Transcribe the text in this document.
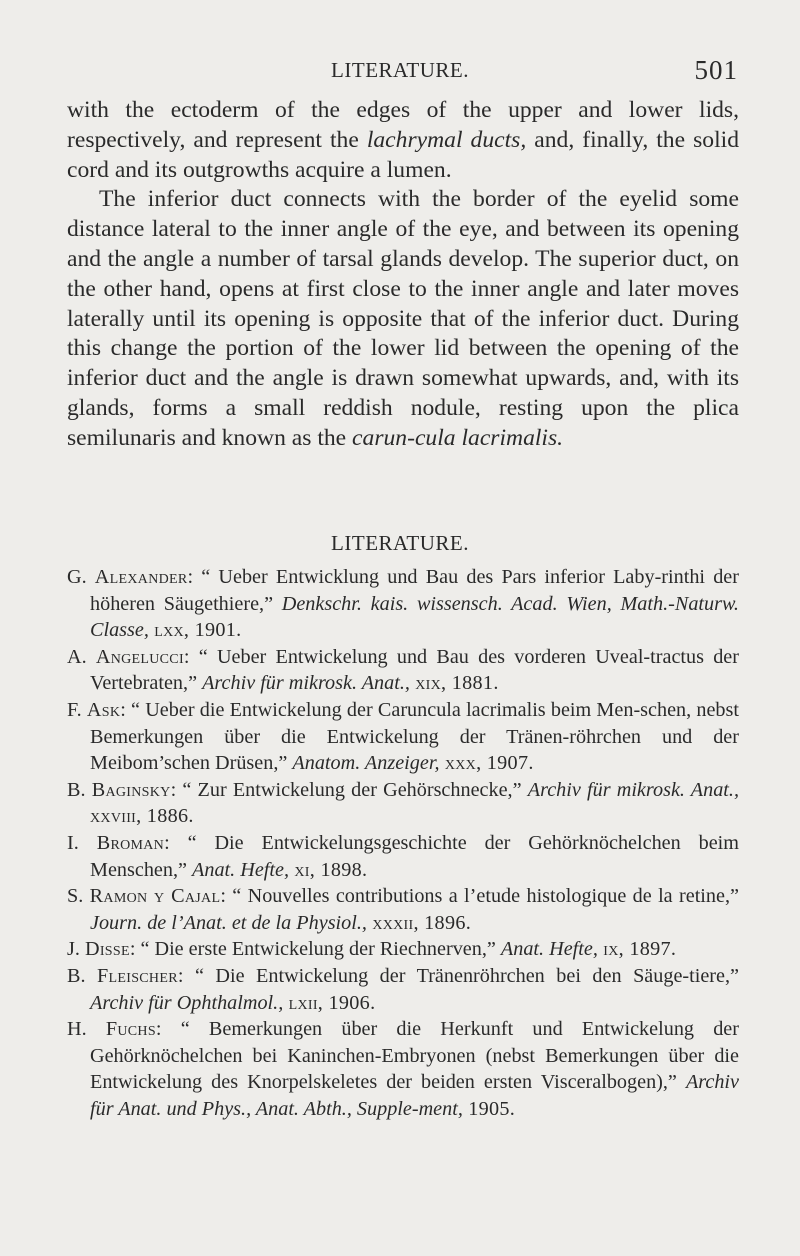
LITERATURE.	501

with the ectoderm of the edges of the upper and lower lids, respectively, and represent the lachrymal ducts, and, finally, the solid cord and its outgrowths acquire a lumen.

The inferior duct connects with the border of the eyelid some distance lateral to the inner angle of the eye, and between its opening and the angle a number of tarsal glands develop. The superior duct, on the other hand, opens at first close to the inner angle and later moves laterally until its opening is opposite that of the inferior duct. During this change the portion of the lower lid between the opening of the inferior duct and the angle is drawn somewhat upwards, and, with its glands, forms a small reddish nodule, resting upon the plica semilunaris and known as the carun-cula lacrimalis.

LITERATURE.
G. Alexander: “ Ueber Entwicklung und Bau des Pars inferior Laby-rinthi der höheren Säugethiere,” Denkschr. kais. wissensch. Acad. Wien, Math.-Naturw. Classe, lxx, 1901.
A. Angelucci: “ Ueber Entwickelung und Bau des vorderen Uveal-tractus der Vertebraten,” Archiv für mikrosk. Anat., xix, 1881.
F. Ask: “ Ueber die Entwickelung der Caruncula lacrimalis beim Men-schen, nebst Bemerkungen über die Entwickelung der Tränen-röhrchen und der Meibom’schen Drüsen,” Anatom. Anzeiger, xxx, 1907.
B. Baginsky: “ Zur Entwickelung der Gehörschnecke,” Archiv für mikrosk. Anat., xxviii, 1886.
I. Broman: “ Die Entwickelungsgeschichte der Gehörknöchelchen beim Menschen,” Anat. Hefte, xi, 1898.
S. Ramon y Cajal: “ Nouvelles contributions a l’etude histologique de la retine,” Journ. de l’Anat. et de la Physiol., xxxii, 1896.
J. Disse: “ Die erste Entwickelung der Riechnerven,” Anat. Hefte, ix, 1897.
B. Fleischer: “ Die Entwickelung der Tränenröhrchen bei den Säuge-tiere,” Archiv für Ophthalmol., lxii, 1906.
H. Fuchs: “ Bemerkungen über die Herkunft und Entwickelung der Gehörknöchelchen bei Kaninchen-Embryonen (nebst Bemerkungen über die Entwickelung des Knorpelskeletes der beiden ersten Visceralbogen),” Archiv für Anat. und Phys., Anat. Abth., Supple-ment, 1905.
